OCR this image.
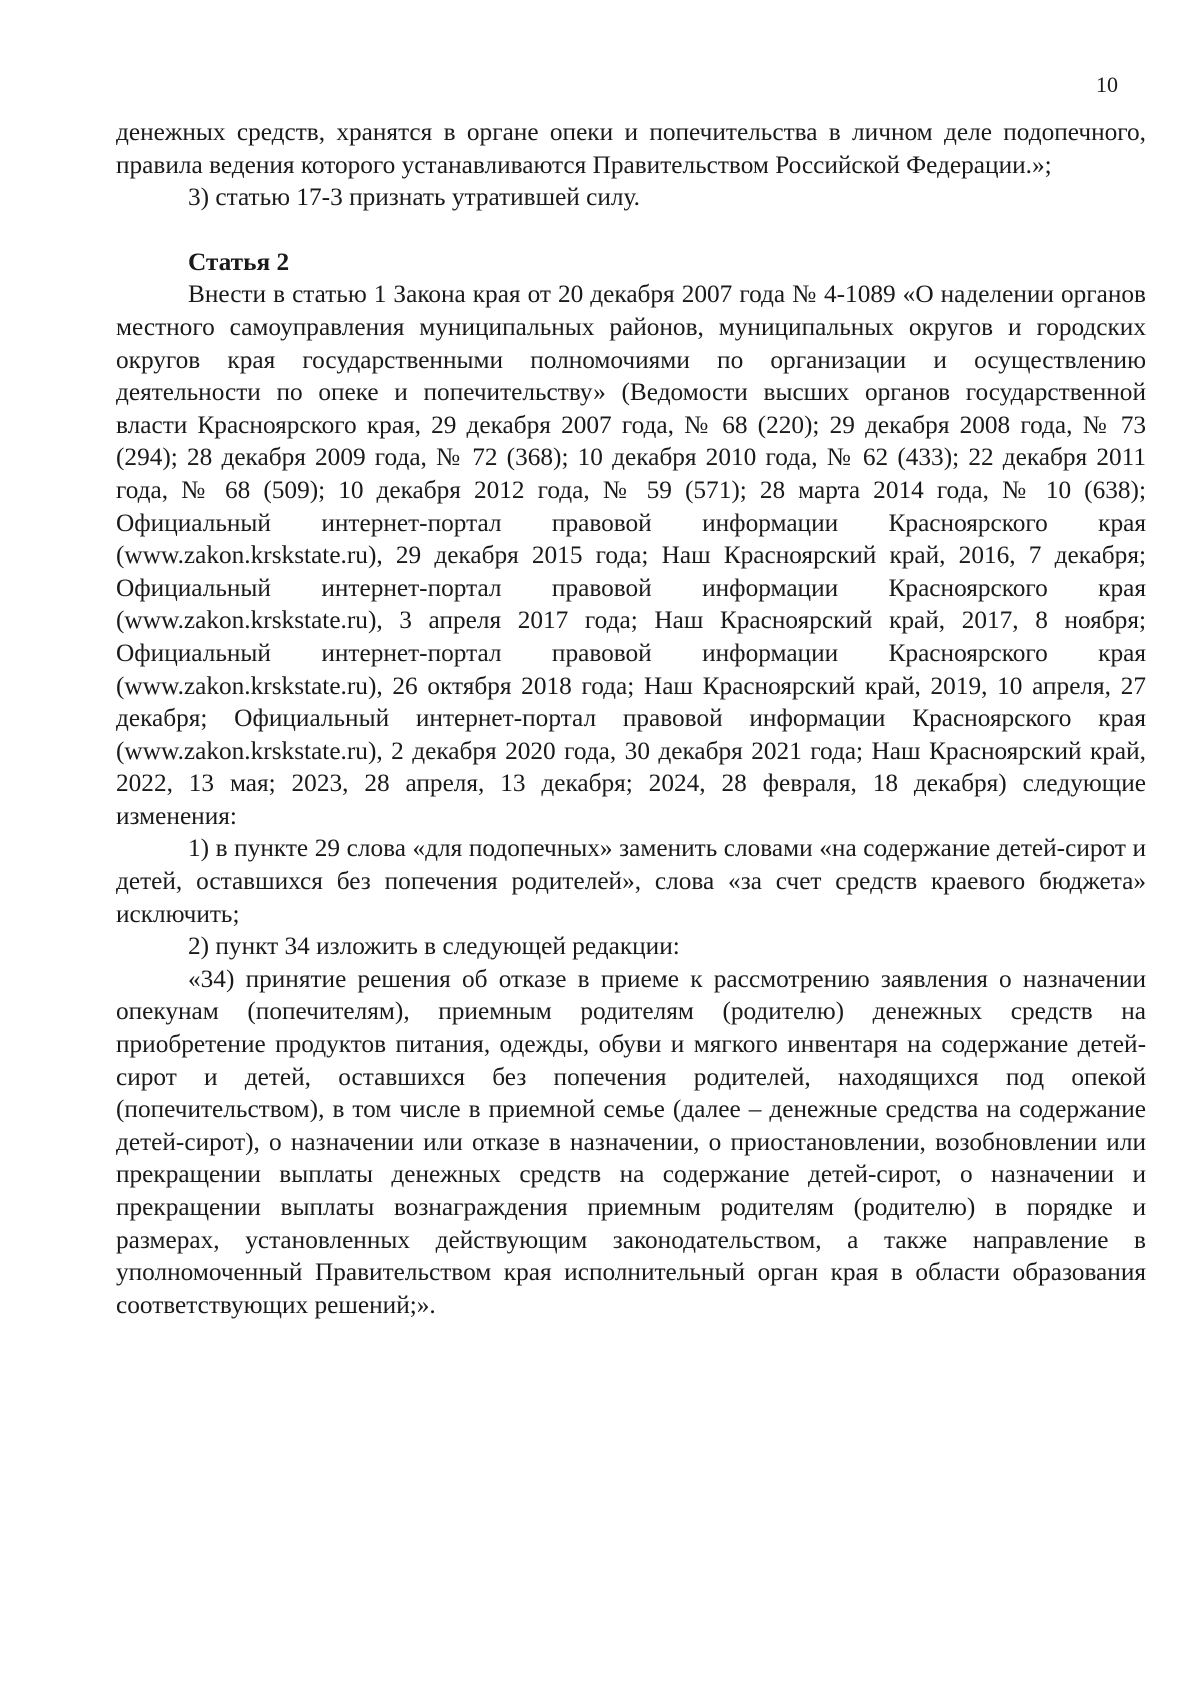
10

денежных средств, хранятся в органе опеки и попечительства в личном деле подопечного, правила ведения которого устанавливаются Правительством Российской Федерации.»;

3) статью 17-3 признать утратившей силу.

Статья 2

Внести в статью 1 Закона края от 20 декабря 2007 года № 4-1089 «О наделении органов местного самоуправления муниципальных районов, муниципальных округов и городских округов края государственными полномочиями по организации и осуществлению деятельности по опеке и попечительству» (Ведомости высших органов государственной власти Красноярского края, 29 декабря 2007 года, № 68 (220); 29 декабря 2008 года, № 73 (294); 28 декабря 2009 года, № 72 (368); 10 декабря 2010 года, № 62 (433); 22 декабря 2011 года, № 68 (509); 10 декабря 2012 года, № 59 (571); 28 марта 2014 года, № 10 (638); Официальный интернет-портал правовой информации Красноярского края (www.zakon.krskstate.ru), 29 декабря 2015 года; Наш Красноярский край, 2016, 7 декабря; Официальный интернет-портал правовой информации Красноярского края (www.zakon.krskstate.ru), 3 апреля 2017 года; Наш Красноярский край, 2017, 8 ноября; Официальный интернет-портал правовой информации Красноярского края (www.zakon.krskstate.ru), 26 октября 2018 года; Наш Красноярский край, 2019, 10 апреля, 27 декабря; Официальный интернет-портал правовой информации Красноярского края (www.zakon.krskstate.ru), 2 декабря 2020 года, 30 декабря 2021 года; Наш Красноярский край, 2022, 13 мая; 2023, 28 апреля, 13 декабря; 2024, 28 февраля, 18 декабря) следующие изменения:

1) в пункте 29 слова «для подопечных» заменить словами «на содержание детей-сирот и детей, оставшихся без попечения родителей», слова «за счет средств краевого бюджета» исключить;

2) пункт 34 изложить в следующей редакции:

«34) принятие решения об отказе в приеме к рассмотрению заявления о назначении опекунам (попечителям), приемным родителям (родителю) денежных средств на приобретение продуктов питания, одежды, обуви и мягкого инвентаря на содержание детей-сирот и детей, оставшихся без попечения родителей, находящихся под опекой (попечительством), в том числе в приемной семье (далее – денежные средства на содержание детей-сирот), о назначении или отказе в назначении, о приостановлении, возобновлении или прекращении выплаты денежных средств на содержание детей-сирот, о назначении и прекращении выплаты вознаграждения приемным родителям (родителю) в порядке и размерах, установленных действующим законодательством, а также направление в уполномоченный Правительством края исполнительный орган края в области образования соответствующих решений;».
